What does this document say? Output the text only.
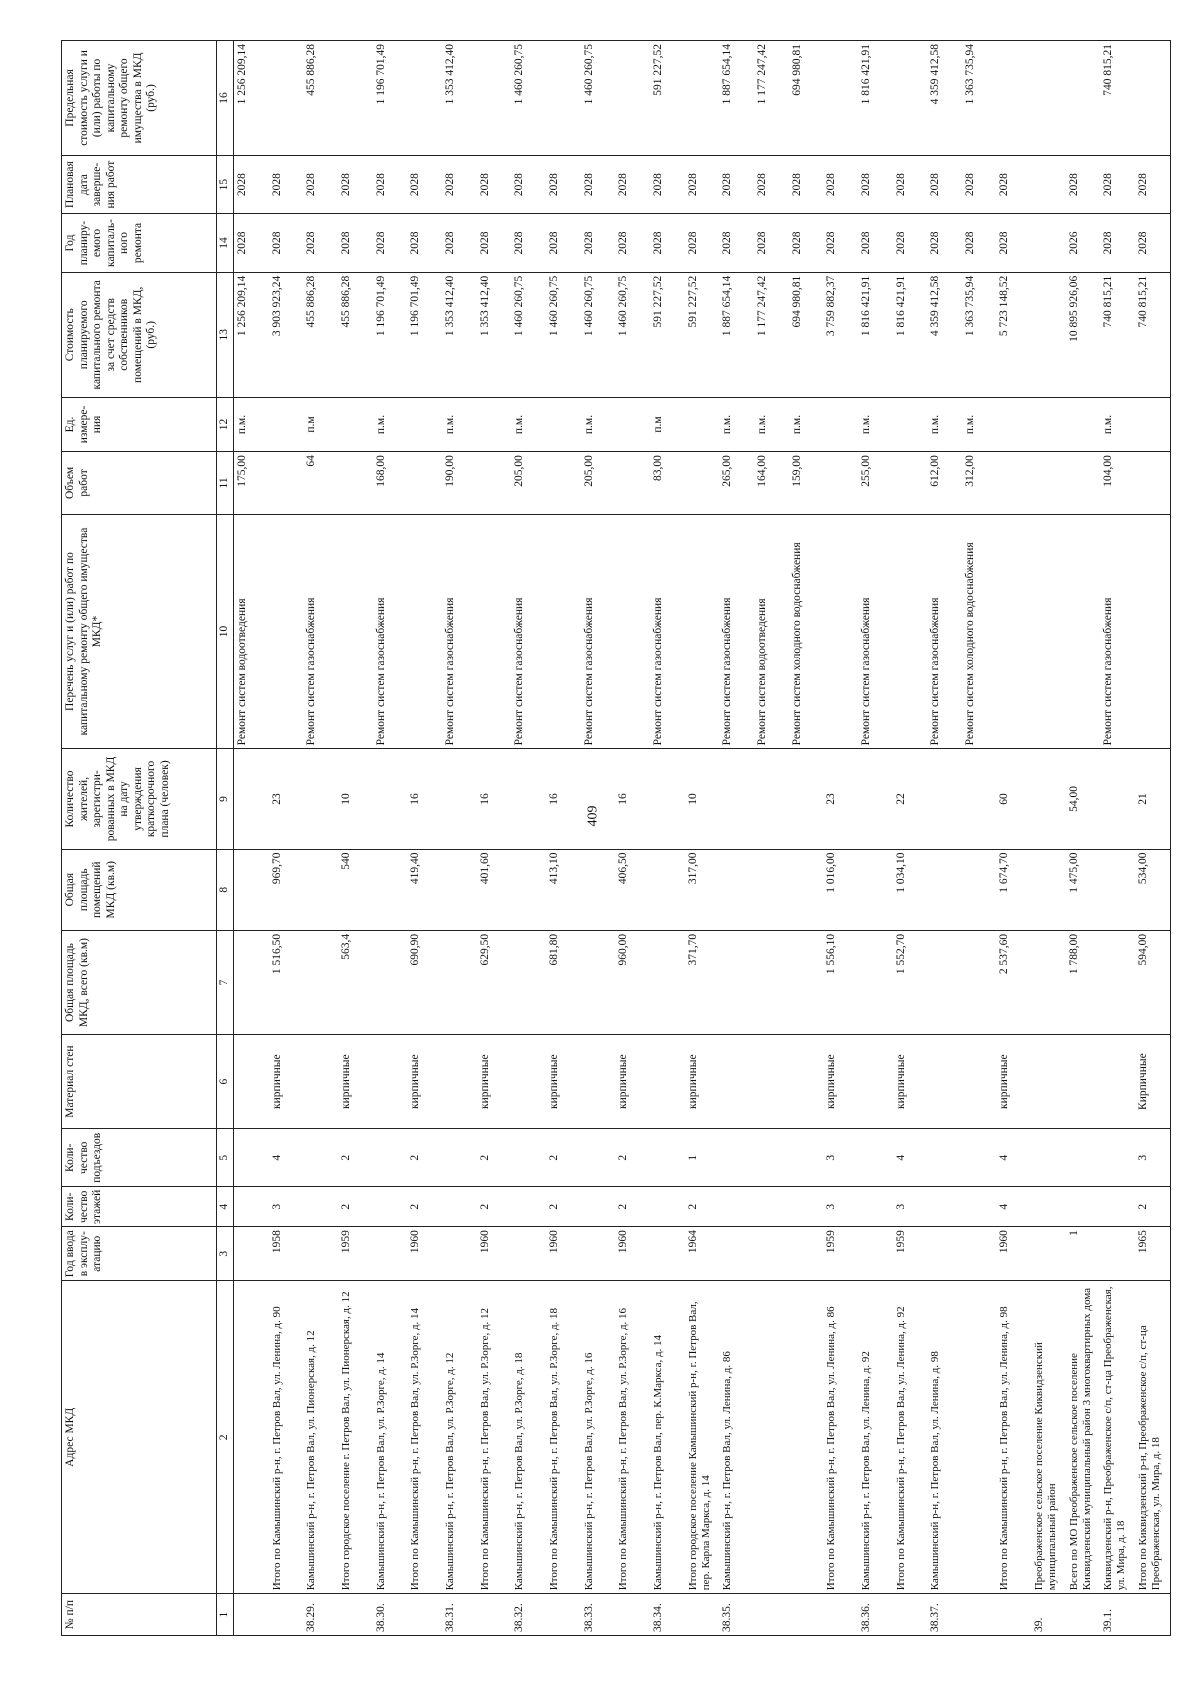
409
№ п/п	Адрес МКД	Год ввода в эксплу-атацию	Коли-чество этажей	Коли-чество подъездов	Материал стен	Общая площадь МКД, всего (кв.м)	Общая площадь помещений МКД (кв.м)	Количество жителей, зарегистри-рованных в МКД на дату утверждения краткосрочного плана (человек)	Перечень услуг и (или) работ по капитальному ремонту общего имущества МКД*	Объем работ	Ед. измере-ния	Стоимость планируемого капитального ремонта за счет средств собственников помещений в МКД, (руб.)	Год планиру-емого капиталь-ного ремонта	Плановая дата заверше-ния работ	Предельная стоимость услуги и (или) работы по капитальному ремонту общего имущества в МКД (руб.)
1	2	3	4	5	6	7	8	9	10	11	12	13	14	15	16
									Ремонт систем водоотведения	175,00	п.м.	1 256 209,14	2028	2028	1 256 209,14
	Итого по Камышинский р-н, г. Петров Вал, ул. Ленина, д. 90	1958	3	4	кирпичные	1 516,50	969,70	23				3 903 923,24	2028	2028	
38.29.	Камышинский р-н, г. Петров Вал, ул. Пионерская, д. 12								Ремонт систем газоснабжения	64	п.м	455 886,28	2028	2028	455 886,28
	Итого городское поселение г. Петров Вал, ул. Пионерская, д. 12	1959	2	2	кирпичные	563,4	540	10				455 886,28	2028	2028	
38.30.	Камышинский р-н, г. Петров Вал, ул. Р.Зорге, д. 14								Ремонт систем газоснабжения	168,00	п.м.	1 196 701,49	2028	2028	1 196 701,49
	Итого по Камышинский р-н, г. Петров Вал, ул. Р.Зорге, д. 14	1960	2	2	кирпичные	690,90	419,40	16				1 196 701,49	2028	2028	
38.31.	Камышинский р-н, г. Петров Вал, ул. Р.Зорге, д. 12								Ремонт систем газоснабжения	190,00	п.м.	1 353 412,40	2028	2028	1 353 412,40
	Итого по Камышинский р-н, г. Петров Вал, ул. Р.Зорге, д. 12	1960	2	2	кирпичные	629,50	401,60	16				1 353 412,40	2028	2028	
38.32.	Камышинский р-н, г. Петров Вал, ул. Р.Зорге, д. 18								Ремонт систем газоснабжения	205,00	п.м.	1 460 260,75	2028	2028	1 460 260,75
	Итого по Камышинский р-н, г. Петров Вал, ул. Р.Зорге, д. 18	1960	2	2	кирпичные	681,80	413,10	16				1 460 260,75	2028	2028	
38.33.	Камышинский р-н, г. Петров Вал, ул. Р.Зорге, д. 16								Ремонт систем газоснабжения	205,00	п.м.	1 460 260,75	2028	2028	1 460 260,75
	Итого по Камышинский р-н, г. Петров Вал, ул. Р.Зорге, д. 16	1960	2	2	кирпичные	960,00	406,50	16				1 460 260,75	2028	2028	
38.34.	Камышинский р-н, г. Петров Вал, пер. К.Маркса, д. 14								Ремонт систем газоснабжения	83,00	п.м	591 227,52	2028	2028	591 227,52
	Итого городское поселение Камышинский р-н, г. Петров Вал, пер. Карла Маркса, д. 14	1964	2	1	кирпичные	371,70	317,00	10				591 227,52	2028	2028	
38.35.	Камышинский р-н, г. Петров Вал, ул. Ленина, д. 86								Ремонт систем газоснабжения	265,00	п.м.	1 887 654,14	2028	2028	1 887 654,14
									Ремонт систем водоотведения	164,00	п.м.	1 177 247,42	2028	2028	1 177 247,42
									Ремонт систем холодного водоснабжения	159,00	п.м.	694 980,81	2028	2028	694 980,81
	Итого по Камышинский р-н, г. Петров Вал, ул. Ленина, д. 86	1959	3	3	кирпичные	1 556,10	1 016,00	23				3 759 882,37	2028	2028	
38.36.	Камышинский р-н, г. Петров Вал, ул. Ленина, д. 92								Ремонт систем газоснабжения	255,00	п.м.	1 816 421,91	2028	2028	1 816 421,91
	Итого по Камышинский р-н, г. Петров Вал, ул. Ленина, д. 92	1959	3	4	кирпичные	1 552,70	1 034,10	22				1 816 421,91	2028	2028	
38.37.	Камышинский р-н, г. Петров Вал, ул. Ленина, д. 98								Ремонт систем газоснабжения	612,00	п.м.	4 359 412,58	2028	2028	4 359 412,58
									Ремонт систем холодного водоснабжения	312,00	п.м.	1 363 735,94	2028	2028	1 363 735,94
	Итого по Камышинский р-н, г. Петров Вал, ул. Ленина, д. 98	1960	4	4	кирпичные	2 537,60	1 674,70	60				5 723 148,52	2028	2028	
39.	Преображенское сельское поселение Киквидзенский муниципальный район														
	Всего по МО Преображенское сельское поселение Киквидзенский муниципальный район 3 многоквартирных дома	1				1 788,00	1 475,00	54,00				10 895 926,06	2026	2028	
39.1.	Киквидзенский р-н, Преображенское с/п, ст-ца Преображенская, ул. Мира, д. 18								Ремонт систем газоснабжения	104,00	п.м.	740 815,21	2028	2028	740 815,21
	Итого по Киквидзенский р-н, Преображенское с/п, ст-ца Преображенская, ул. Мира, д. 18	1965	2	3	Кирпичные	594,00	534,00	21				740 815,21	2028	2028	
